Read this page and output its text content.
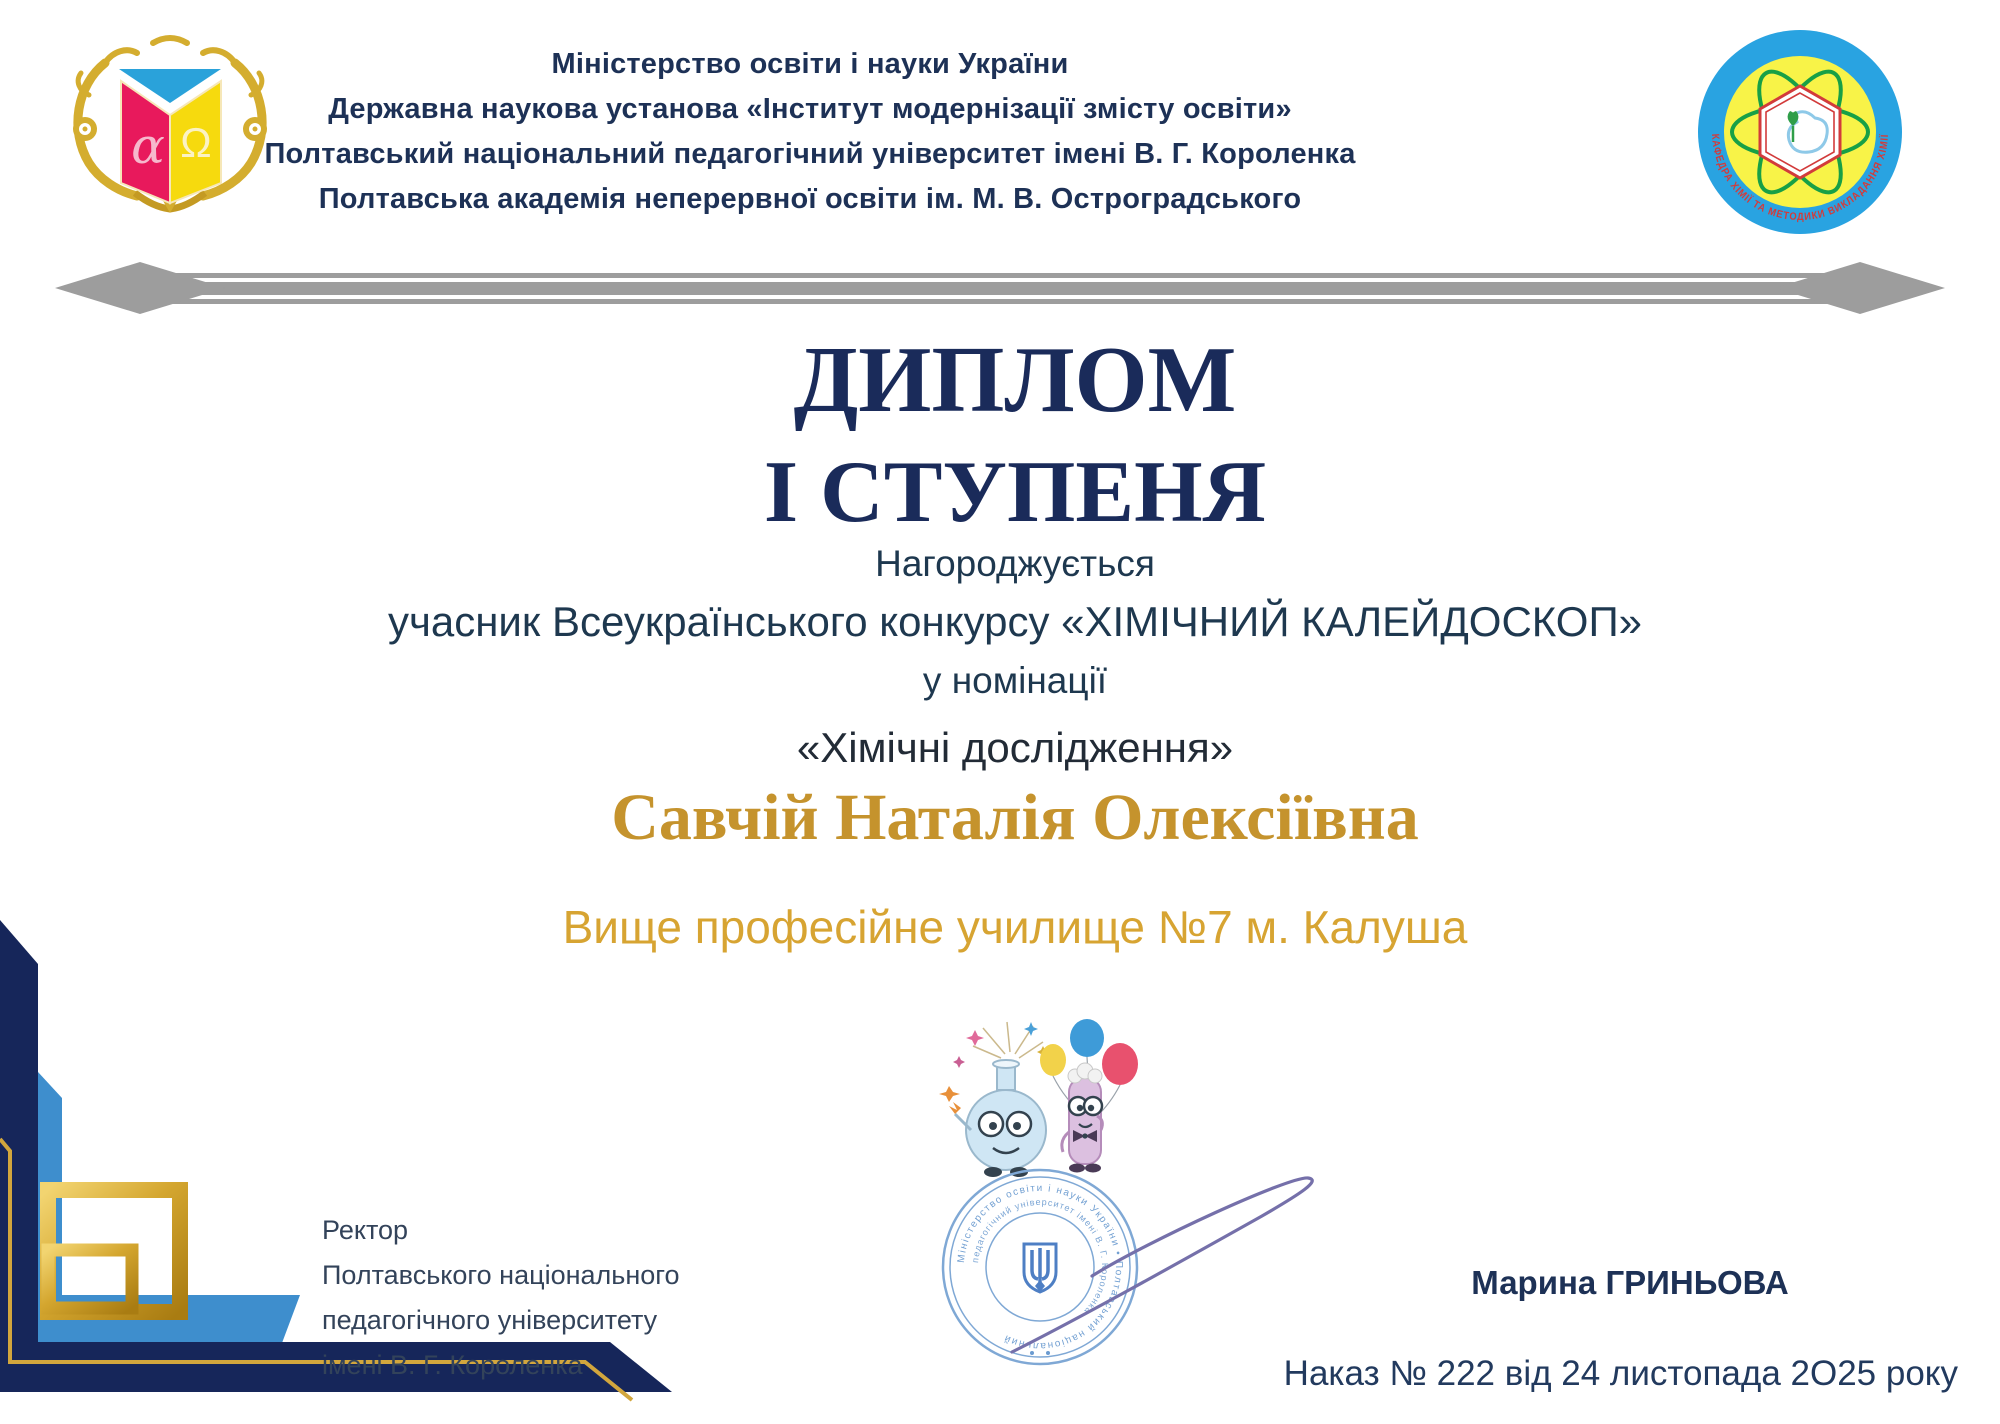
α Ω
Міністерство освіти і науки України
Державна наукова установа «Інститут модернізації змісту освіти»
Полтавський національний педагогічний університет імені В. Г. Короленка
Полтавська академія неперервної освіти ім. М. В. Остроградського
КАФЕДРА ХІМІЇ ТА МЕТОДИКИ ВИКЛАДАННЯ ХІМІЇ
ДИПЛОМ
І СТУПЕНЯ
Нагороджується
учасник Всеукраїнського конкурсу «ХІМІЧНИЙ КАЛЕЙДОСКОП»
у номінації
«Хімічні дослідження»
Савчій Наталія Олексіївна
Вище професійне училище №7 м. Калуша
Міністерство освіти і науки України • Полтавський національний
педагогічний університет імені В. Г. Короленка
Ректор
Полтавського національного
педагогічного університету
імені В. Г. Короленка
Марина ГРИНЬОВА
Наказ № 222 від 24 листопада 2О25 року
